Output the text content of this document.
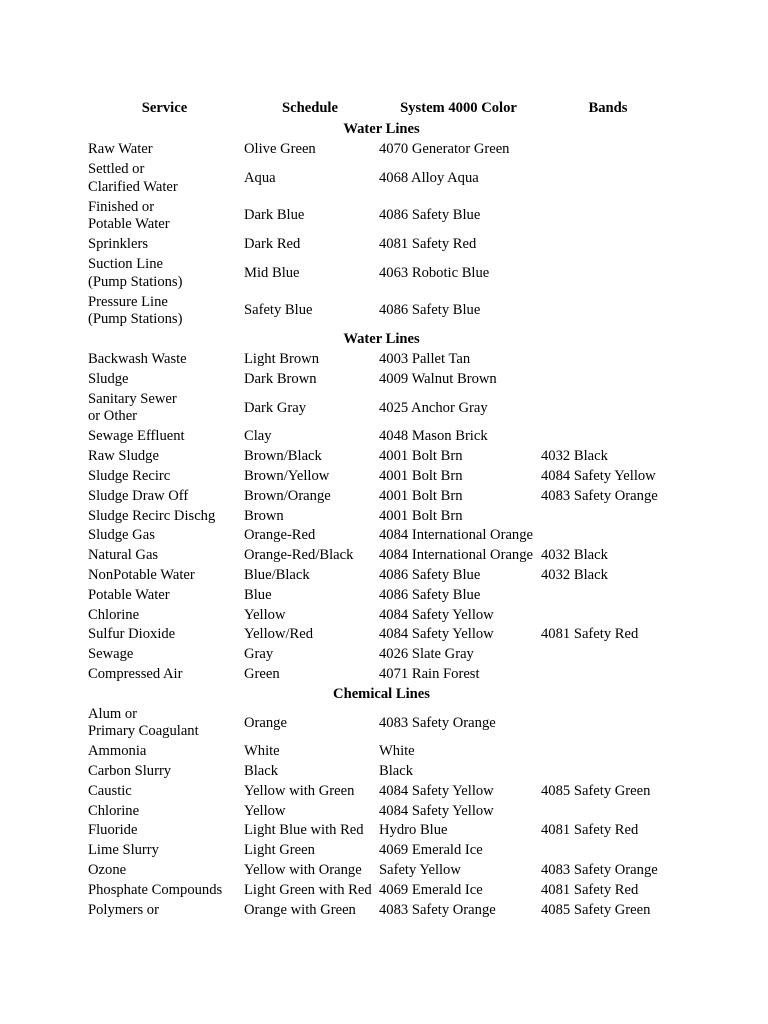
Service	Schedule	System 4000 Color	Bands
Water Lines			

Raw Water	Olive Green	4070 Generator Green	

Settled or
Clarified Water	Aqua	4068 Alloy Aqua	

Finished or
Potable Water	Dark Blue	4086 Safety Blue	

Sprinklers	Dark Red	4081 Safety Red	

Suction Line
(Pump Stations)	Mid Blue	4063 Robotic Blue	

Pressure Line
(Pump Stations)	Safety Blue	4086 Safety Blue	
Water Lines			

Backwash Waste	Light Brown	4003 Pallet Tan	

Sludge	Dark Brown	4009 Walnut Brown	

Sanitary Sewer
or Other	Dark Gray	4025 Anchor Gray	

Sewage Effluent	Clay	4048 Mason Brick	

Raw Sludge	Brown/Black	4001 Bolt Brn	4032 Black

Sludge Recirc	Brown/Yellow	4001 Bolt Brn	4084 Safety Yellow

Sludge Draw Off	Brown/Orange	4001 Bolt Brn	4083 Safety Orange

Sludge Recirc Dischg	Brown	4001 Bolt Brn	

Sludge Gas	Orange-Red	4084 International Orange	

Natural Gas	Orange-Red/Black	4084 International Orange	4032 Black

NonPotable Water	Blue/Black	4086 Safety Blue	4032 Black

Potable Water	Blue	4086 Safety Blue	

Chlorine	Yellow	4084 Safety Yellow	

Sulfur Dioxide	Yellow/Red	4084 Safety Yellow	4081 Safety Red

Sewage	Gray	4026 Slate Gray	

Compressed Air	Green	4071 Rain Forest	
Chemical Lines			

Alum or
Primary Coagulant	Orange	4083 Safety Orange	

Ammonia	White	White	

Carbon Slurry	Black	Black	

Caustic	Yellow with Green	4084 Safety Yellow	4085 Safety Green

Chlorine	Yellow	4084 Safety Yellow	

Fluoride	Light Blue with Red	Hydro Blue	4081 Safety Red

Lime Slurry	Light Green	4069 Emerald Ice	

Ozone	Yellow with Orange	Safety Yellow	4083 Safety Orange

Phosphate Compounds	Light Green with Red	4069 Emerald Ice	4081 Safety Red

Polymers or	Orange with Green	4083 Safety Orange	4085 Safety Green
